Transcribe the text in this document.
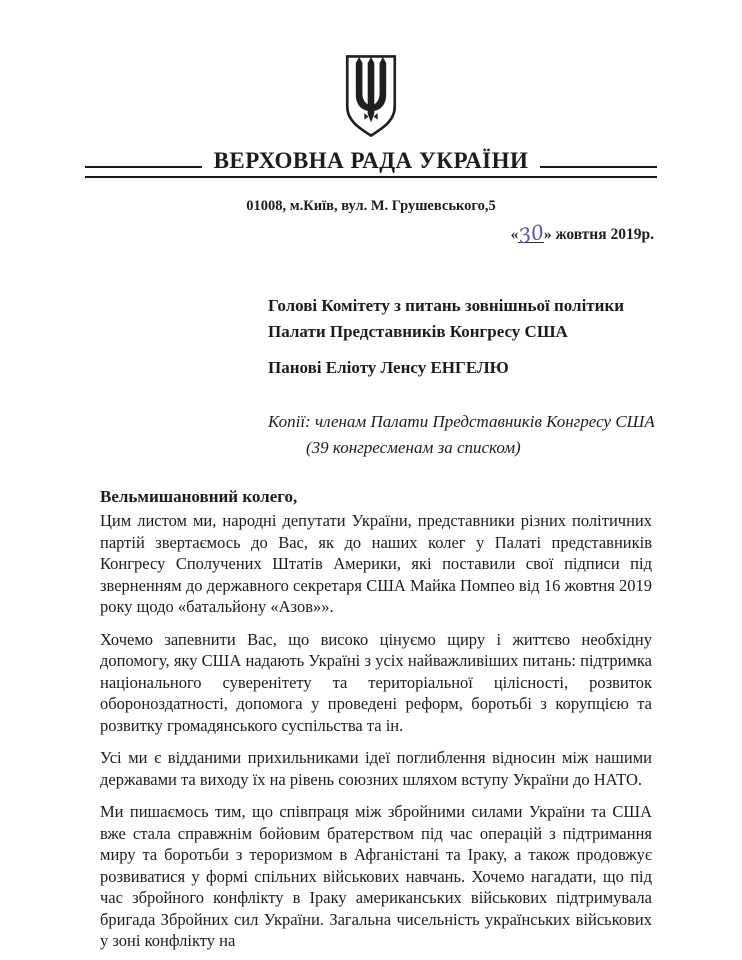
ВЕРХОВНА РАДА УКРАЇНИ
01008, м.Київ, вул. М. Грушевського,5
«30» жовтня 2019р.
Голові Комітету з питань зовнішньої політики
Палати Представників Конгресу США
Панові Еліоту Ленсу ЕНГЕЛЮ
Копії: членам Палати Представників Конгресу США
(39 конгресменам за списком)
Вельмишановний колего,

Цим листом ми, народні депутати України, представники різних політичних партій звертаємось до Вас, як до наших колег у Палаті представників Конгресу Сполучених Штатів Америки, які поставили свої підписи під зверненням до державного секретаря США Майка Помпео від 16 жовтня 2019 року щодо «батальйону «Азов»».

Хочемо запевнити Вас, що високо цінуємо щиру і життєво необхідну допомогу, яку США надають Україні з усіх найважливіших питань: підтримка національного суверенітету та територіальної цілісності, розвиток обороноздатності, допомога у проведені реформ, боротьбі з корупцією та розвитку громадянського суспільства та ін.

Усі ми є відданими прихильниками ідеї поглиблення відносин між нашими державами та виходу їх на рівень союзних шляхом вступу України до НАТО.

Ми пишаємось тим, що співпраця між збройними силами України та США вже стала справжнім бойовим братерством під час операцій з підтримання миру та боротьби з тероризмом в Афганістані та Іраку, а також продовжує розвиватися у формі спільних військових навчань. Хочемо нагадати, що під час збройного конфлікту в Іраку американських військових підтримувала бригада Збройних сил України. Загальна чисельність українських військових у зоні конфлікту на
